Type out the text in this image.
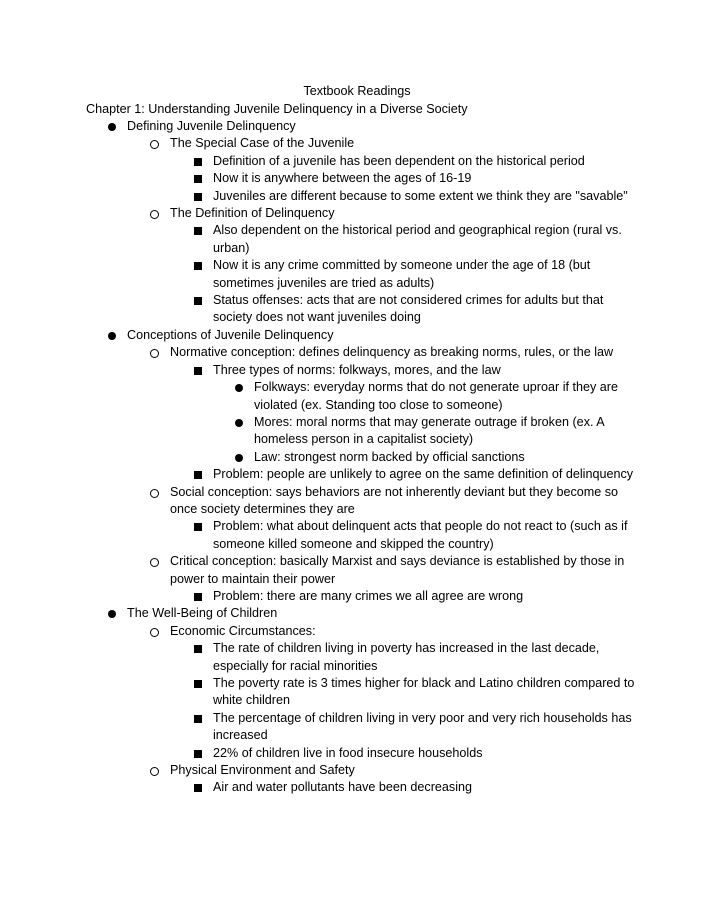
Textbook Readings
Chapter 1: Understanding Juvenile Delinquency in a Diverse Society
Defining Juvenile Delinquency
The Special Case of the Juvenile
Definition of a juvenile has been dependent on the historical period
Now it is anywhere between the ages of 16-19
Juveniles are different because to some extent we think they are "savable"
The Definition of Delinquency
Also dependent on the historical period and geographical region (rural vs. urban)
Now it is any crime committed by someone under the age of 18 (but sometimes juveniles are tried as adults)
Status offenses: acts that are not considered crimes for adults but that society does not want juveniles doing
Conceptions of Juvenile Delinquency
Normative conception: defines delinquency as breaking norms, rules, or the law
Three types of norms: folkways, mores, and the law
Folkways: everyday norms that do not generate uproar if they are violated (ex. Standing too close to someone)
Mores: moral norms that may generate outrage if broken (ex. A homeless person in a capitalist society)
Law: strongest norm backed by official sanctions
Problem: people are unlikely to agree on the same definition of delinquency
Social conception: says behaviors are not inherently deviant but they become so once society determines they are
Problem: what about delinquent acts that people do not react to (such as if someone killed someone and skipped the country)
Critical conception: basically Marxist and says deviance is established by those in power to maintain their power
Problem: there are many crimes we all agree are wrong
The Well-Being of Children
Economic Circumstances:
The rate of children living in poverty has increased in the last decade, especially for racial minorities
The poverty rate is 3 times higher for black and Latino children compared to white children
The percentage of children living in very poor and very rich households has increased
22% of children live in food insecure households
Physical Environment and Safety
Air and water pollutants have been decreasing
